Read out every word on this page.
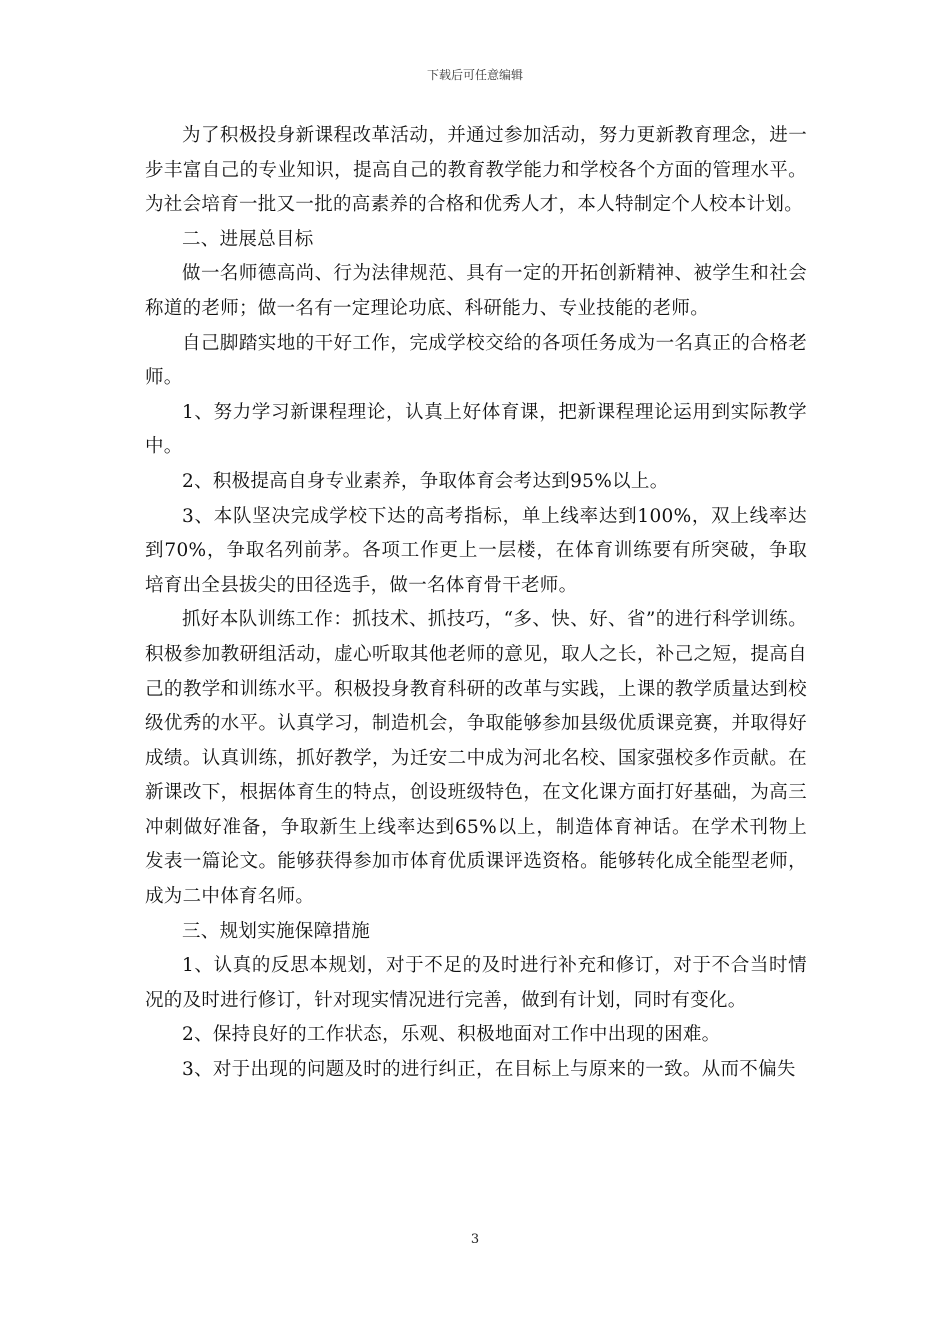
下载后可任意编辑

为了积极投身新课程改革活动，并通过参加活动，努力更新教育理念，进一步丰富自己的专业知识，提高自己的教育教学能力和学校各个方面的管理水平。为社会培育一批又一批的高素养的合格和优秀人才，本人特制定个人校本计划。

二、进展总目标

做一名师德高尚、行为法律规范、具有一定的开拓创新精神、被学生和社会称道的老师；做一名有一定理论功底、科研能力、专业技能的老师。

自己脚踏实地的干好工作，完成学校交给的各项任务成为一名真正的合格老师。

1、努力学习新课程理论，认真上好体育课，把新课程理论运用到实际教学中。

2、积极提高自身专业素养，争取体育会考达到95%以上。

3、本队坚决完成学校下达的高考指标，单上线率达到100%，双上线率达到70%，争取名列前茅。各项工作更上一层楼，在体育训练要有所突破，争取培育出全县拔尖的田径选手，做一名体育骨干老师。

抓好本队训练工作：抓技术、抓技巧，“多、快、好、省”的进行科学训练。积极参加教研组活动，虚心听取其他老师的意见，取人之长，补己之短，提高自己的教学和训练水平。积极投身教育科研的改革与实践，上课的教学质量达到校级优秀的水平。认真学习，制造机会，争取能够参加县级优质课竞赛，并取得好成绩。认真训练，抓好教学，为迁安二中成为河北名校、国家强校多作贡献。在新课改下，根据体育生的特点，创设班级特色，在文化课方面打好基础，为高三冲刺做好准备，争取新生上线率达到65%以上，制造体育神话。在学术刊物上发表一篇论文。能够获得参加市体育优质课评选资格。能够转化成全能型老师，成为二中体育名师。

三、规划实施保障措施

1、认真的反思本规划，对于不足的及时进行补充和修订，对于不合当时情况的及时进行修订，针对现实情况进行完善，做到有计划，同时有变化。

2、保持良好的工作状态，乐观、积极地面对工作中出现的困难。

3、对于出现的问题及时的进行纠正，在目标上与原来的一致。从而不偏失

3
